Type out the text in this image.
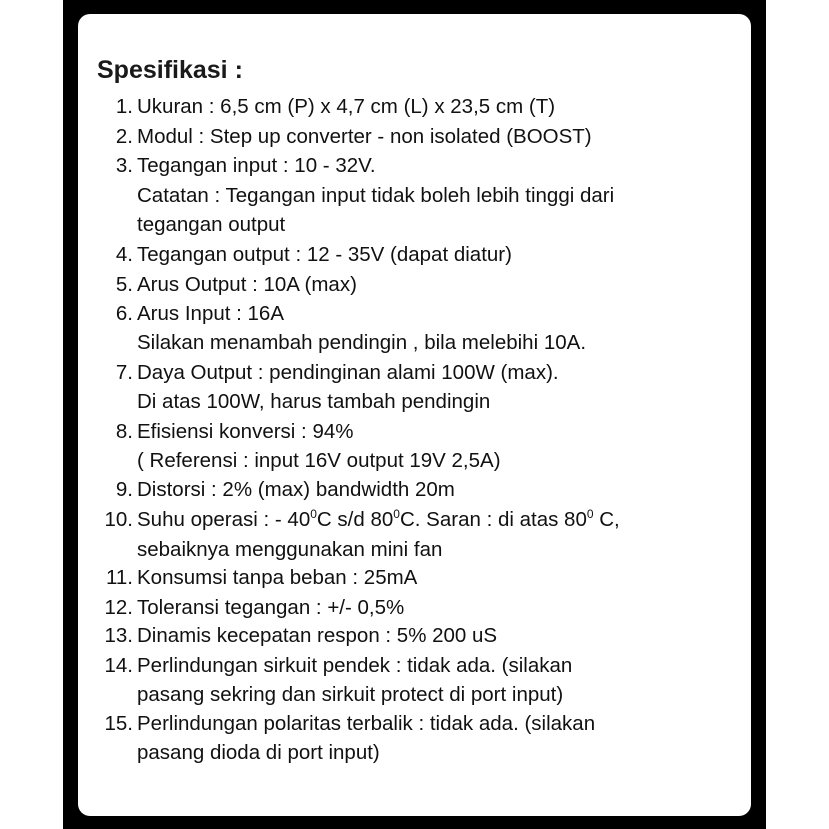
Spesifikasi :
1. Ukuran : 6,5 cm (P) x 4,7 cm (L) x 23,5 cm (T)
2. Modul : Step up converter - non isolated (BOOST)
3. Tegangan input : 10 - 32V.
Catatan : Tegangan input tidak boleh lebih tinggi dari
tegangan output
4. Tegangan output : 12 - 35V (dapat diatur)
5. Arus Output : 10A (max)
6. Arus Input : 16A
Silakan menambah pendingin , bila melebihi 10A.
7. Daya Output : pendinginan alami 100W (max).
Di atas 100W, harus tambah pendingin
8. Efisiensi konversi : 94%
( Referensi : input 16V output 19V 2,5A)
9. Distorsi : 2% (max) bandwidth 20m
10. Suhu operasi : - $40^0C$ s/d $80^0C$. Saran : di atas $80^0$ C,
sebaiknya menggunakan mini fan
11. Konsumsi tanpa beban : 25mA
12. Toleransi tegangan : +/- 0,5%
13. Dinamis kecepatan respon : 5% 200 uS
14. Perlindungan sirkuit pendek : tidak ada. (silakan
pasang sekring dan sirkuit protect di port input)
15. Perlindungan polaritas terbalik : tidak ada. (silakan
pasang dioda di port input)
